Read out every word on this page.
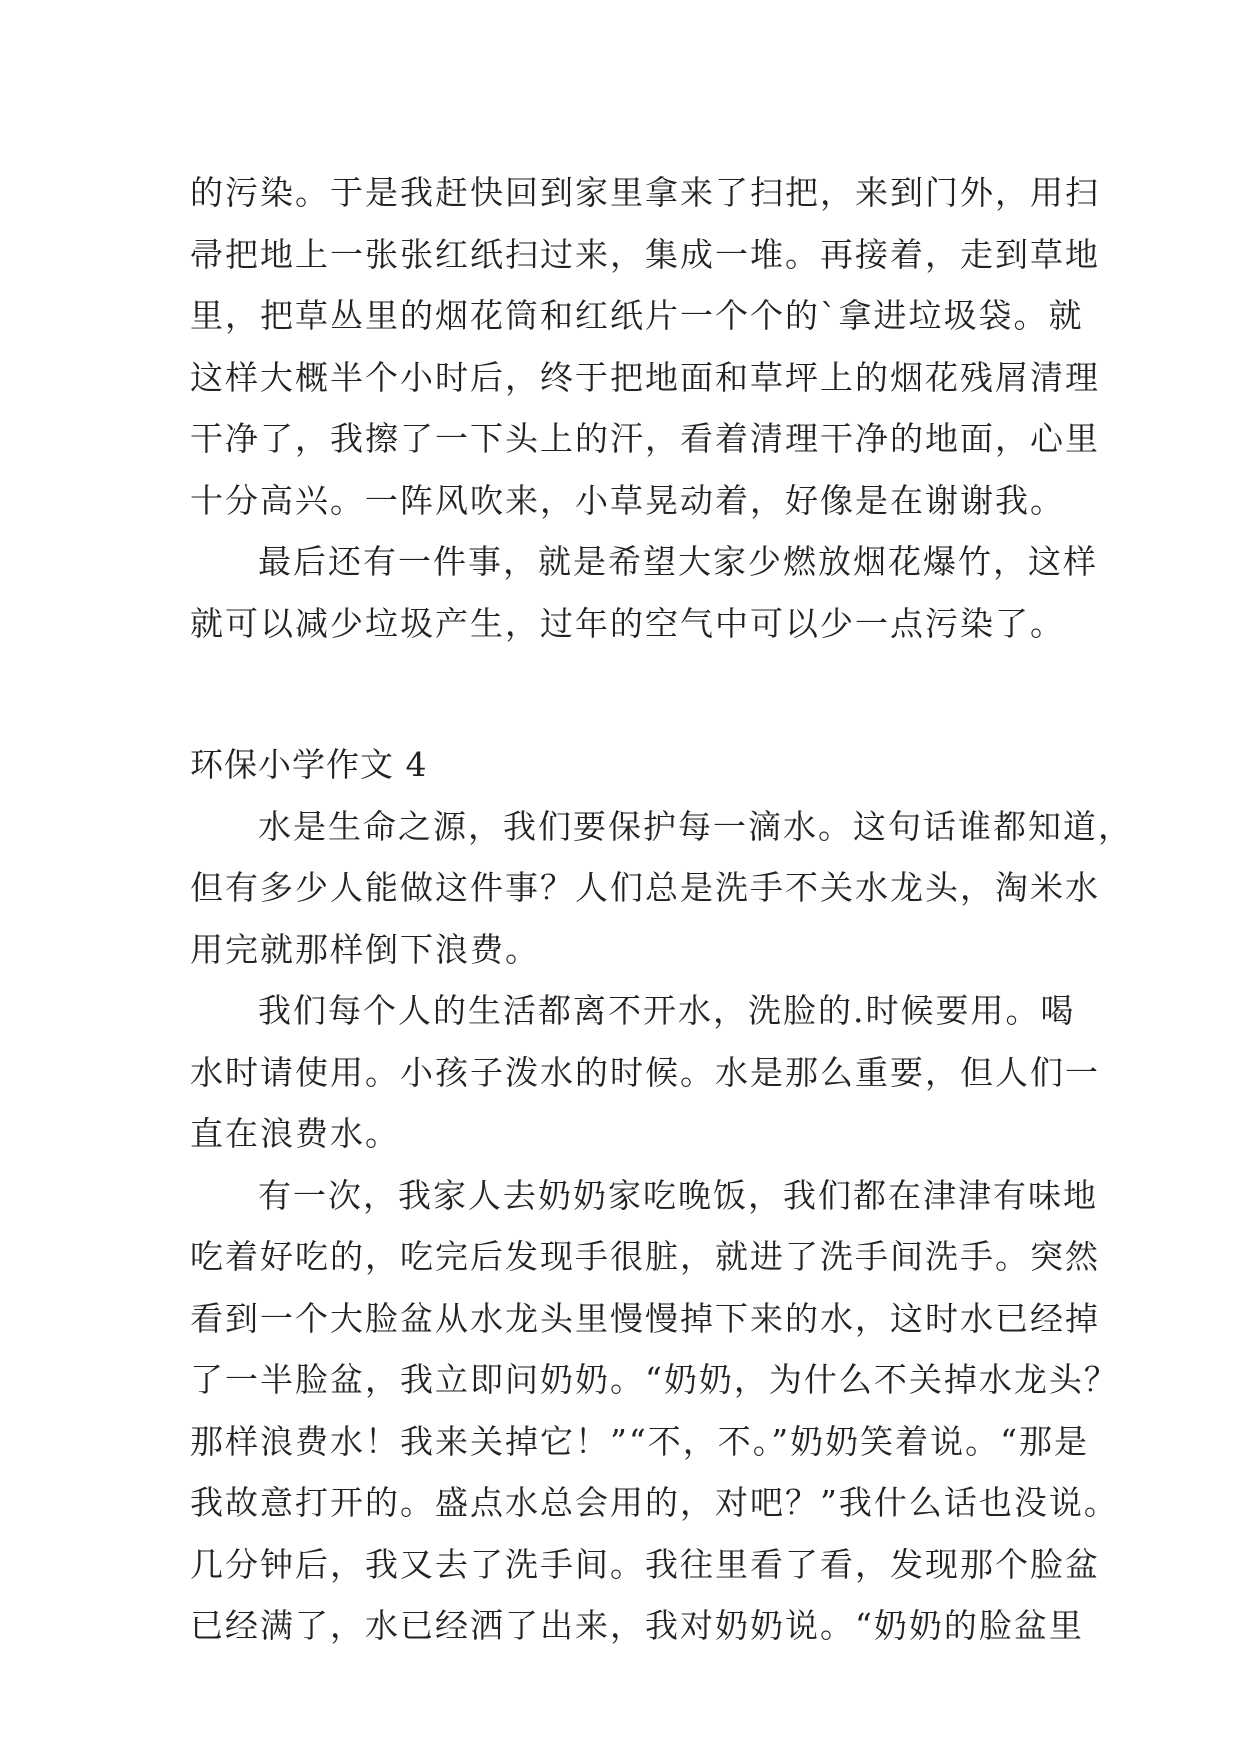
的污染。于是我赶快回到家里拿来了扫把，来到门外，用扫
帚把地上一张张红纸扫过来，集成一堆。再接着，走到草地
里，把草丛里的烟花筒和红纸片一个个的`拿进垃圾袋。就
这样大概半个小时后，终于把地面和草坪上的烟花残屑清理
干净了，我擦了一下头上的汗，看着清理干净的地面，心里
十分高兴。一阵风吹来，小草晃动着，好像是在谢谢我。
最后还有一件事，就是希望大家少燃放烟花爆竹，这样
就可以减少垃圾产生，过年的空气中可以少一点污染了。
环保小学作文 4
水是生命之源，我们要保护每一滴水。这句话谁都知道，
但有多少人能做这件事？人们总是洗手不关水龙头，淘米水
用完就那样倒下浪费。
我们每个人的生活都离不开水，洗脸的.时候要用。喝
水时请使用。小孩子泼水的时候。水是那么重要，但人们一
直在浪费水。
有一次，我家人去奶奶家吃晚饭，我们都在津津有味地
吃着好吃的，吃完后发现手很脏，就进了洗手间洗手。突然
看到一个大脸盆从水龙头里慢慢掉下来的水，这时水已经掉
了一半脸盆，我立即问奶奶。“奶奶，为什么不关掉水龙头？
那样浪费水！我来关掉它！”“不，不。”奶奶笑着说。“那是
我故意打开的。盛点水总会用的，对吧？”我什么话也没说。
几分钟后，我又去了洗手间。我往里看了看，发现那个脸盆
已经满了，水已经洒了出来，我对奶奶说。“奶奶的脸盆里
